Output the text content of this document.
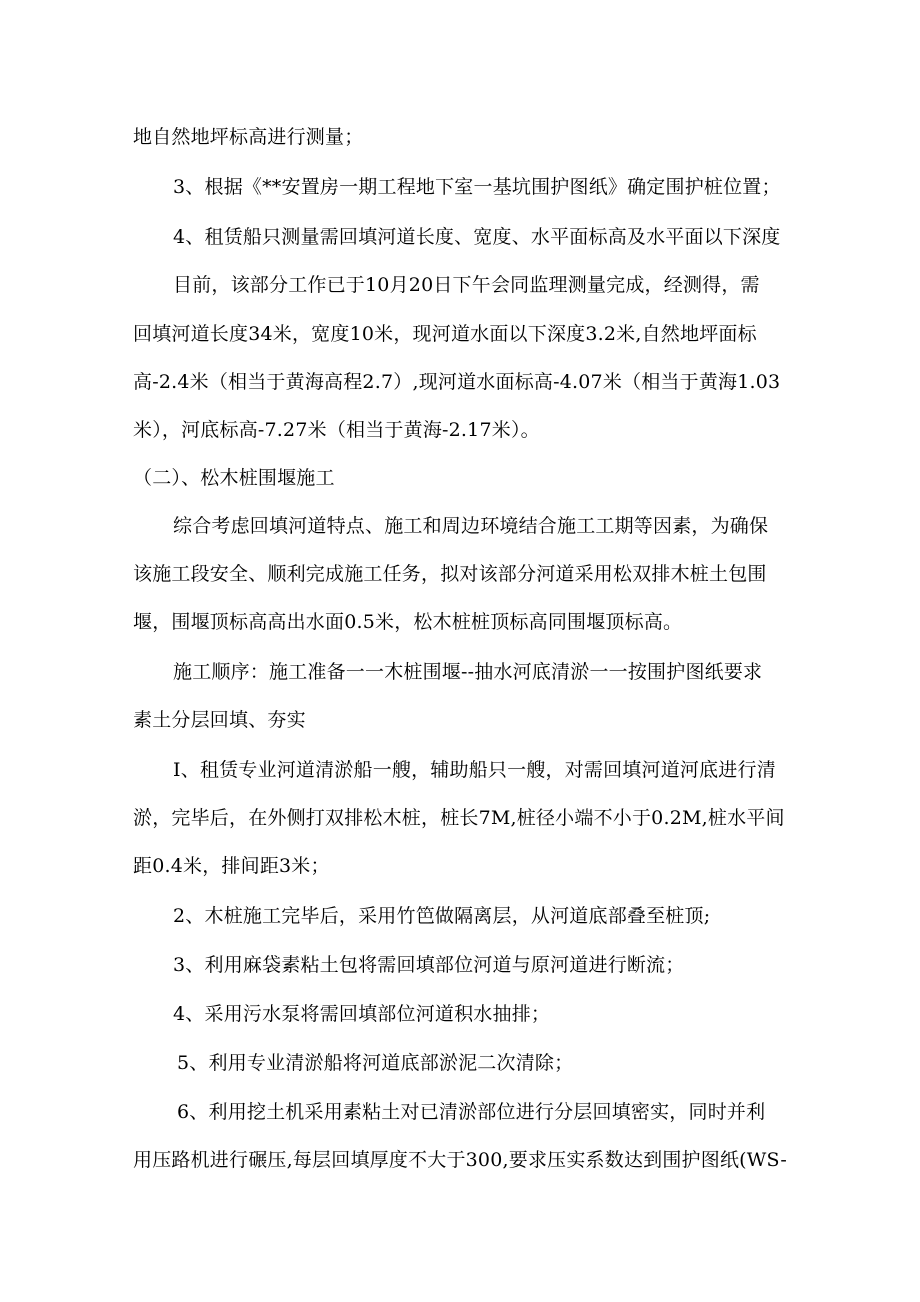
地自然地坪标高进行测量；
3、根据《**安置房一期工程地下室一基坑围护图纸》确定围护桩位置；
4、租赁船只测量需回填河道长度、宽度、水平面标高及水平面以下深度
目前，该部分工作已于10月20日下午会同监理测量完成，经测得，需
回填河道长度34米，宽度10米，现河道水面以下深度3.2米,自然地坪面标
高-2.4米（相当于黄海高程2.7）,现河道水面标高-4.07米（相当于黄海1.03
米），河底标高-7.27米（相当于黄海-2.17米）。
（二）、松木桩围堰施工
综合考虑回填河道特点、施工和周边环境结合施工工期等因素，为确保
该施工段安全、顺利完成施工任务，拟对该部分河道采用松双排木桩土包围
堰，围堰顶标高高出水面0.5米，松木桩桩顶标高同围堰顶标高。
施工顺序：施工准备一一木桩围堰--抽水河底清淤一一按围护图纸要求
素土分层回填、夯实
I、租赁专业河道清淤船一艘，辅助船只一艘，对需回填河道河底进行清
淤，完毕后，在外侧打双排松木桩，桩长7M,桩径小端不小于0.2M,桩水平间
距0.4米，排间距3米；
2、木桩施工完毕后，采用竹笆做隔离层，从河道底部叠至桩顶;
3、利用麻袋素粘土包将需回填部位河道与原河道进行断流；
4、采用污水泵将需回填部位河道积水抽排；
5、利用专业清淤船将河道底部淤泥二次清除；
6、利用挖土机采用素粘土对已清淤部位进行分层回填密实，同时并利
用压路机进行碾压,每层回填厚度不大于300,要求压实系数达到围护图纸(WS-
